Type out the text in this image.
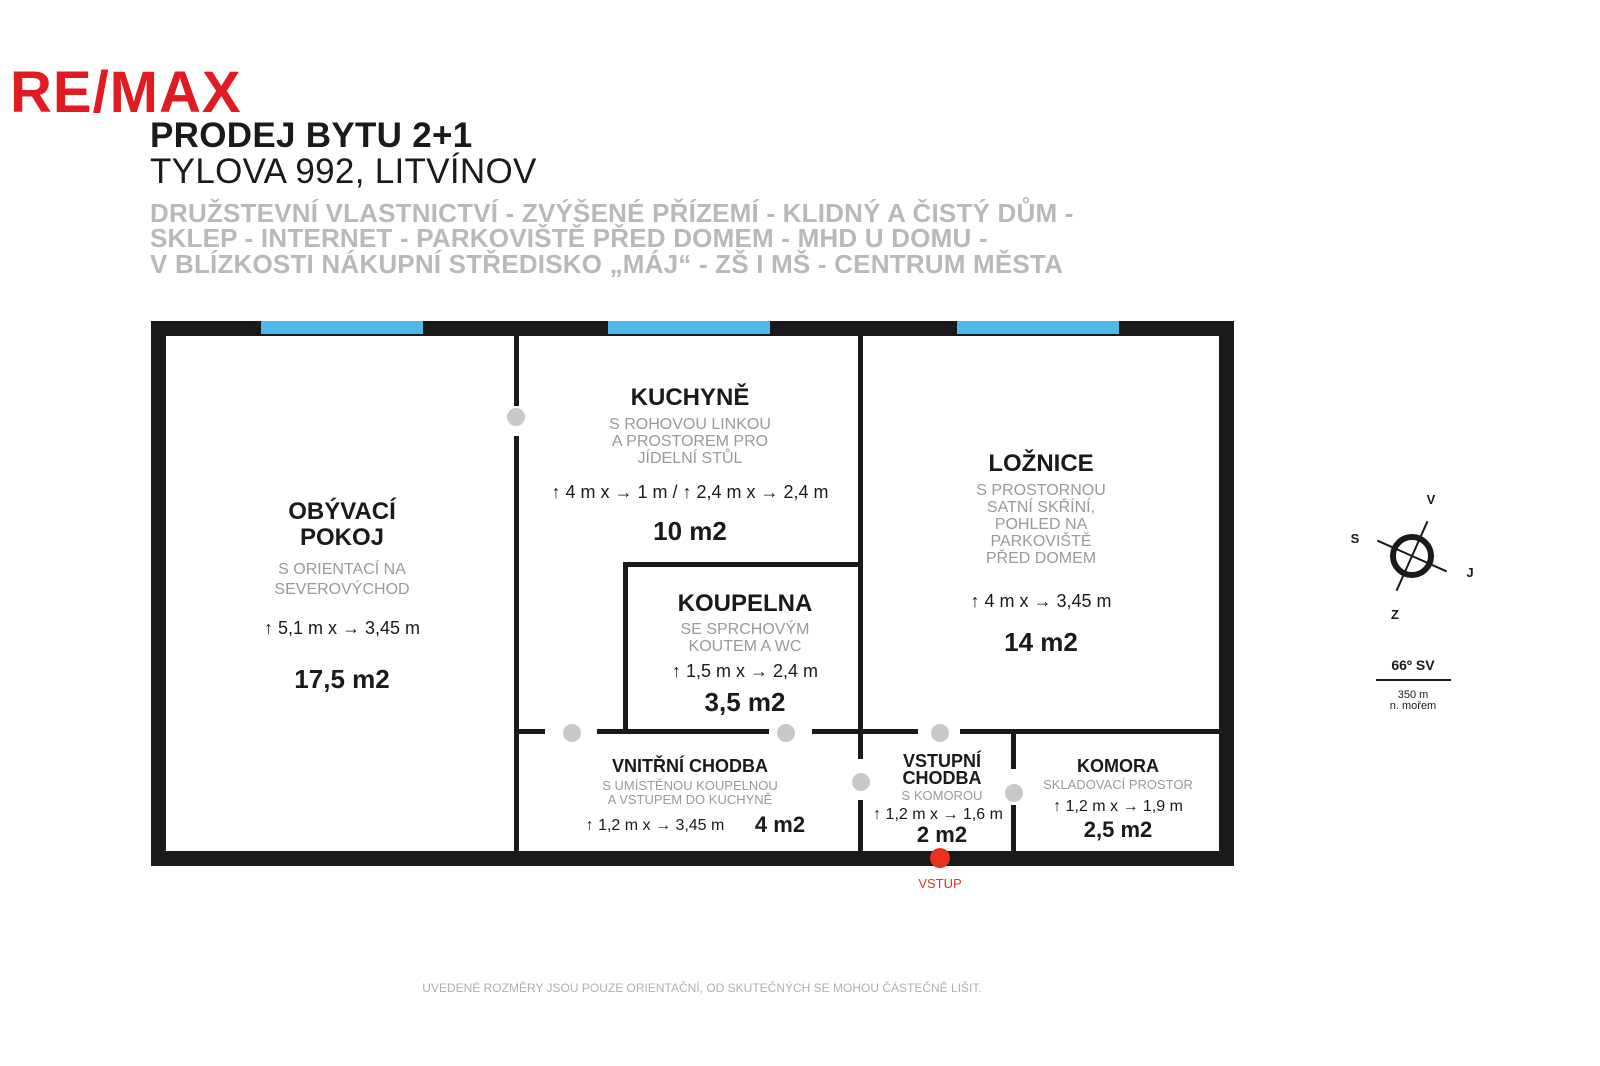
RE/MAX
PRODEJ BYTU 2+1
TYLOVA 992, LITVÍNOV
DRUŽSTEVNÍ VLASTNICTVÍ - ZVÝŠENÉ PŘÍZEMÍ - KLIDNÝ A ČISTÝ DŮM -
SKLEP - INTERNET - PARKOVIŠTĚ PŘED DOMEM - MHD U DOMU -
V BLÍZKOSTI NÁKUPNÍ STŘEDISKO „MÁJ“ - ZŠ I MŠ - CENTRUM MĚSTA
VSTUP
OBÝVACÍ
POKOJ
S ORIENTACÍ NA
SEVEROVÝCHOD
↑ 5,1 m x → 3,45 m
17,5 m2
KUCHYNĚ
S ROHOVOU LINKOU
A PROSTOREM PRO
JÍDELNÍ STŮL
↑ 4 m x → 1 m / ↑ 2,4 m x → 2,4 m
10 m2
LOŽNICE
S PROSTORNOU
SATNÍ SKŘÍNÍ,
POHLED NA
PARKOVIŠTĚ
PŘED DOMEM
↑ 4 m x → 3,45 m
14 m2
KOUPELNA
SE SPRCHOVÝM
KOUTEM A WC
↑ 1,5 m x → 2,4 m
3,5 m2
VNITŘNÍ CHODBA
S UMÍSTĚNOU KOUPELNOU
A VSTUPEM DO KUCHYNĚ
↑ 1,2 m x → 3,45 m 4 m2
VSTUPNÍ
CHODBA
S KOMOROU
↑ 1,2 m x → 1,6 m
2 m2
KOMORA
SKLADOVACÍ PROSTOR
↑ 1,2 m x → 1,9 m
2,5 m2
S
V
J
Z
66º SV
350 m
n. mořem
UVEDENÉ ROZMĚRY JSOU POUZE ORIENTAČNÍ, OD SKUTEČNÝCH SE MOHOU ČÁSTEČNĚ LIŠIT.
